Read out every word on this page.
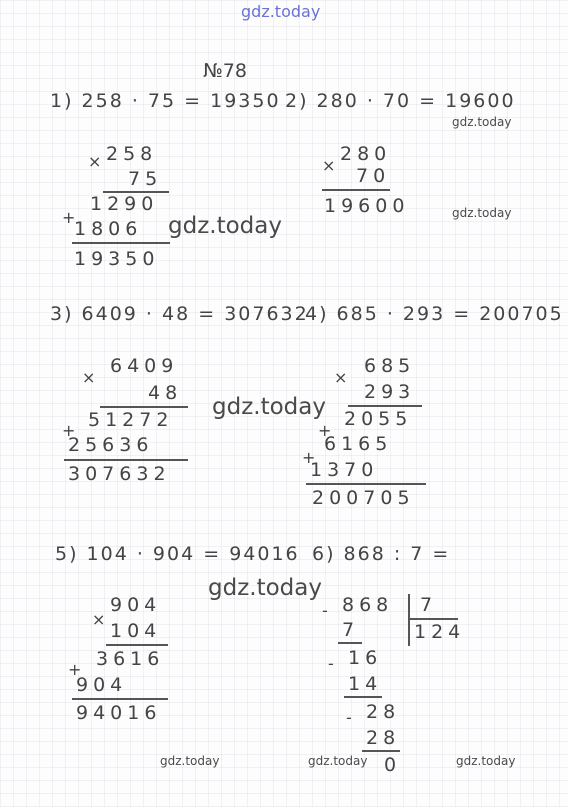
gdz.today
№78
1) 258 · 75 = 19350
× 258
75
1290
+
1806
19350
2) 280 · 70 = 19600
×
280
70
19600
gdz.today
gdz.today
gdz.today
3) 6409 · 48 = 307632
×
6409
48
51272
+
25636
307632
4) 685 · 293 = 200705
×
685
293
2055
+
6165
+
1370
200705
gdz.today
5) 104 · 904 = 94016
×
904
104
3616
+
904
94016
6) 868 : 7 =
- 868 7
124
7
- 16
14
- 28
28
0
gdz.today
gdz.today	gdz.today	gdz.today
